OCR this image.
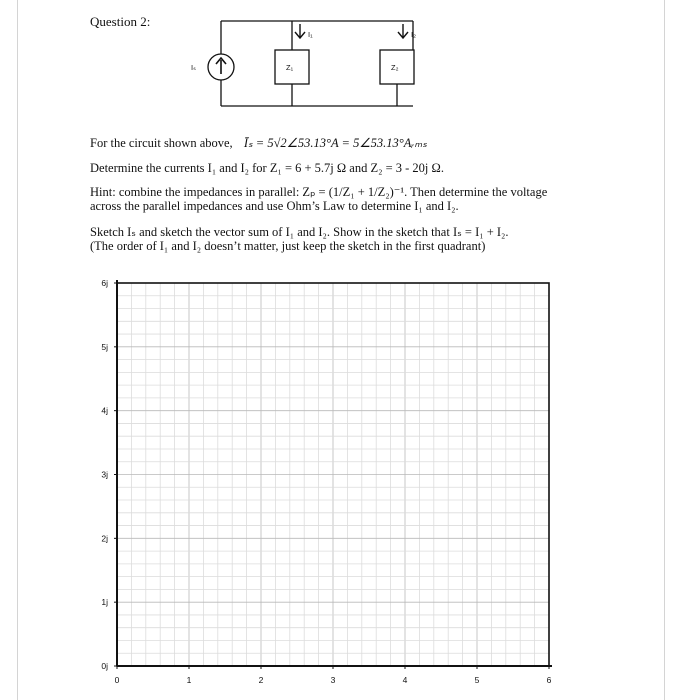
Question 2:
Iₛ
I₁	I₂
Z₁	Z₂
For the circuit shown above, Īₛ = 5√2∠53.13°A = 5∠53.13°Aᵣₘₛ
Determine the currents I₁ and I₂ for Z₁ = 6 + 5.7j Ω and Z₂ = 3 - 20j Ω.
Hint: combine the impedances in parallel: Zₚ = (1/Z₁ + 1/Z₂)⁻¹. Then determine the voltage
across the parallel impedances and use Ohm’s Law to determine I₁ and I₂.
Sketch Iₛ and sketch the vector sum of I₁ and I₂. Show in the sketch that Iₛ = I₁ + I₂.
(The order of I₁ and I₂ doesn’t matter, just keep the sketch in the first quadrant)
0	1	2	3	4	5	6
0j
1j
2j
3j
4j
5j
6j
